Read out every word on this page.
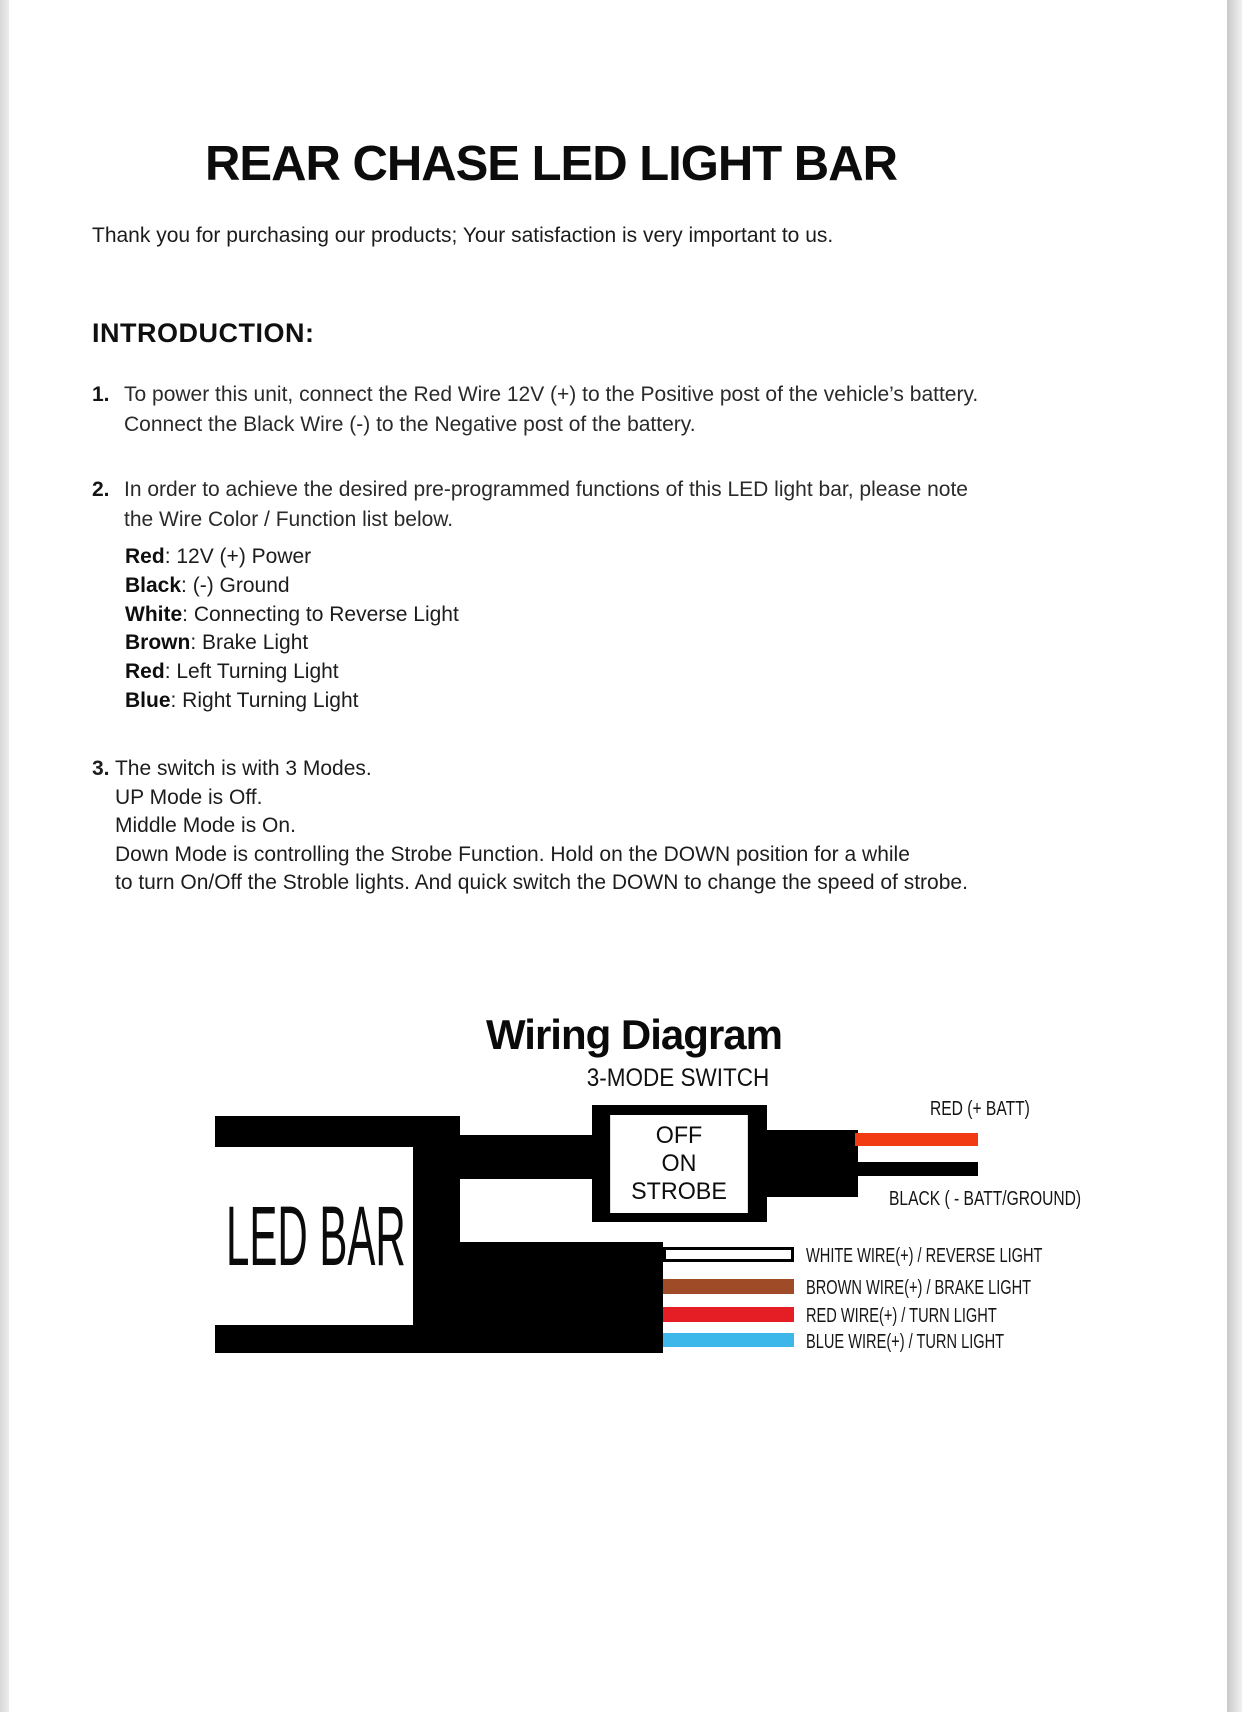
REAR CHASE LED LIGHT BAR

Thank you for purchasing our products; Your satisfaction is very important to us.

INTRODUCTION:
1. To power this unit, connect the Red Wire 12V (+) to the Positive post of the vehicle’s battery.
Connect the Black Wire (-) to the Negative post of the battery.
2. In order to achieve the desired pre-programmed functions of this LED light bar, please note
the Wire Color / Function list below.
Red: 12V (+) Power
Black: (-) Ground
White: Connecting to Reverse Light
Brown: Brake Light
Red: Left Turning Light
Blue: Right Turning Light
3. The switch is with 3 Modes.
UP Mode is Off.
Middle Mode is On.
Down Mode is controlling the Strobe Function. Hold on the DOWN position for a while
to turn On/Off the Stroble lights. And quick switch the DOWN to change the speed of strobe.
Wiring Diagram
3-MODE SWITCH
LED BAR
OFF
ON
STROBE
RED (+ BATT)
BLACK ( - BATT/GROUND)
WHITE WIRE(+) / REVERSE LIGHT
BROWN WIRE(+) / BRAKE LIGHT
RED WIRE(+) / TURN LIGHT
BLUE WIRE(+) / TURN LIGHT
